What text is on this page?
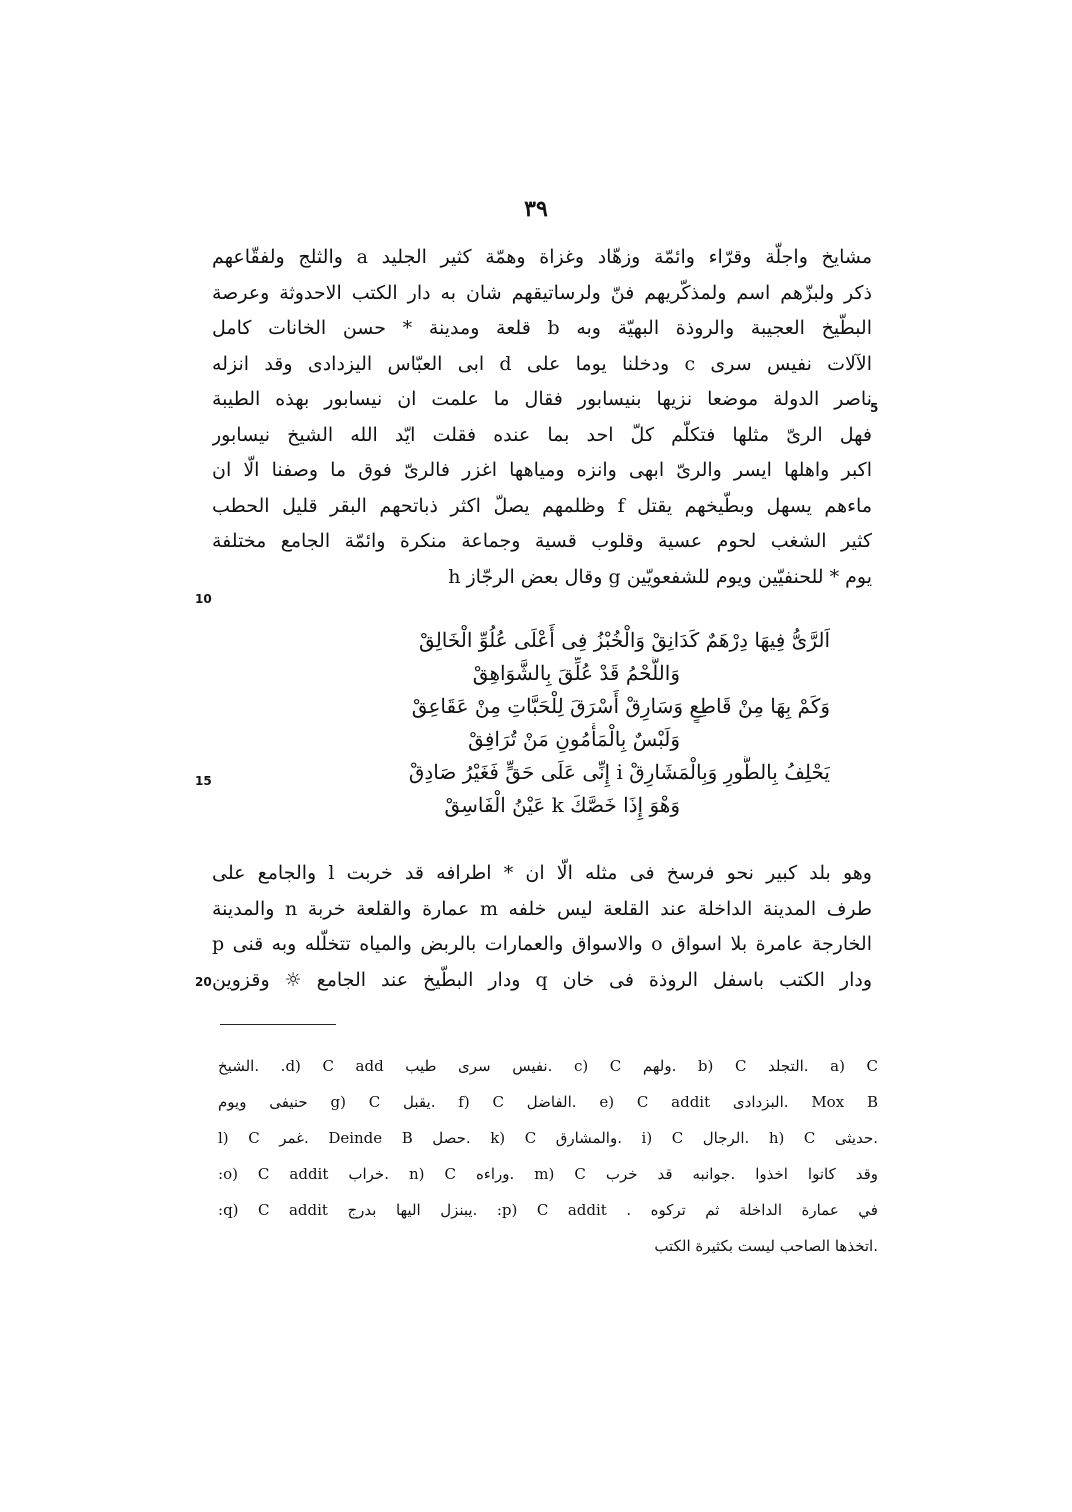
٣٩
مشايخ واجلّة وقرّاء وائمّة وزهّاد وغزاة وهمّة كثير الجليد a والثلج ولفقّاعهم
ذكر ولبزّهم اسم ولمذكّريهم فنّ ولرساتيقهم شان به دار الكتب الاحدوثة وعرصة
البطّيخ العجيبة والروذة البهيّة وبه b قلعة ومدينة * حسن الخانات كامل
الآلات نفيس سرى c ودخلنا يوما على d ابى العبّاس اليزدادى وقد انزله
ناصر الدولة موضعا نزيها بنيسابور فقال ما علمت ان نيسابور بهذه الطيبة
فهل الرىّ مثلها فتكلّم كلّ احد بما عنده فقلت ايّد الله الشيخ نيسابور
اكبر واهلها ايسر والرىّ ابهى وانزه ومياهها اغزر فالرىّ فوق ما وصفنا الّا ان
ماءهم يسهل وبطّيخهم يقتل f وظلمهم يصلّ اكثر ذباتحهم البقر قليل الحطب
كثير الشغب لحوم عسية وقلوب قسية وجماعة منكرة وائمّة الجامع مختلفة
يوم * للحنفيّين ويوم للشفعويّين g وقال بعض الرجّاز h
5
10
15
20
اَلرَّىُّ فِيهَا دِرْهَمٌ كَدَانِقْ وَالْخُبْزُ فِى أَعْلَى عُلُوِّ الْخَالِقْ
وَاللَّحْمُ قَدْ عُلِّقَ بِالشَّوَاهِقْ
وَكَمْ بِهَا مِنْ قَاطِعٍ وَسَارِقْ أَسْرَقَ لِلْحَبَّاتِ مِنْ عَقَاعِقْ
وَلَبْسٌ بِالْمَأْمُونِ مَنْ تُرَافِقْ
يَحْلِفُ بِالطُّورِ وَبِالْمَشَارِقْ i إِنِّى عَلَى حَقٍّ فَغَيْرُ صَادِقْ
وَهْوَ إِذَا خَصَّكَ k عَيْنُ الْفَاسِقْ
وهو بلد كبير نحو فرسخ فى مثله الّا ان * اطرافه قد خربت l والجامع على
طرف المدينة الداخلة عند القلعة ليس خلفه m عمارة والقلعة خربة n والمدينة
الخارجة عامرة بلا اسواق o والاسواق والعمارات بالربض والمياه تتخلّله وبه قنى p
ودار الكتب باسفل الروذة فى خان q ودار البطّيخ عند الجامع ☼ وقزوين
a) C .التجلد b) C .ولهم c) C .نفيس سرى طيب d) C add. .الشيخ
Mox B .البزدادى e) C addit .الفاضل f) C .يقبل g) C حنيفى ويوم
.حديثى h) C .الرجال i) C .والمشارق k) C .حصل Deinde B .غمر l) C
وقد كانوا اخذوا .جوانبه قد خرب m) C .وراءه n) C .خراب o) C addit:
في عمارة الداخلة ثم تركوه . p) C addit: .يبنزل اليها بدرج q) C addit:
.اتخذها الصاحب ليست بكثيرة الكتب
